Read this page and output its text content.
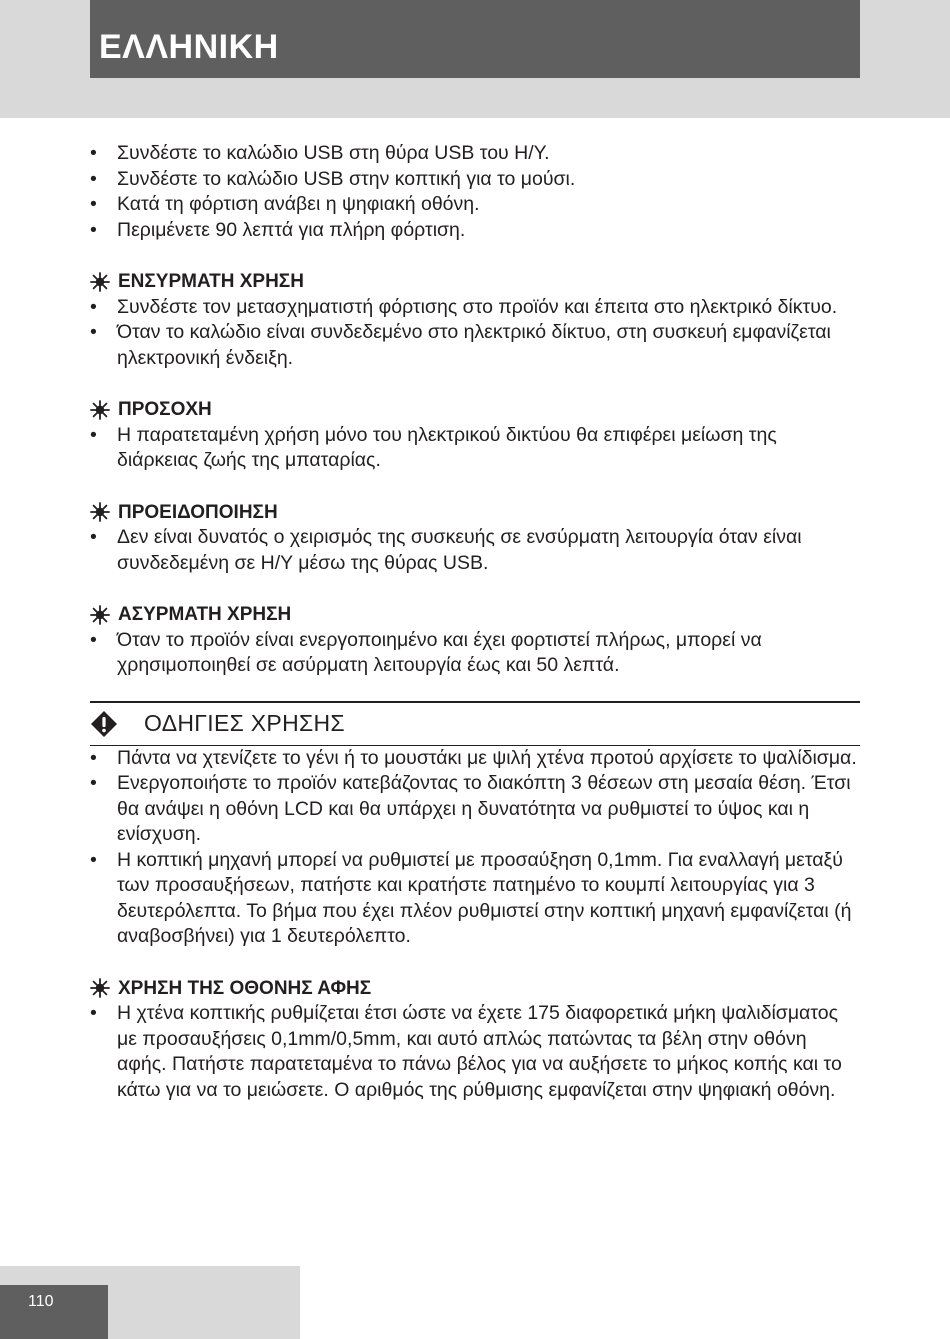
ΕΛΛΗΝΙΚΗ
• Συνδέστε το καλώδιο USB στη θύρα USB του Η/Υ.
• Συνδέστε το καλώδιο USB στην κοπτική για το μούσι.
• Κατά τη φόρτιση ανάβει η ψηφιακή οθόνη.
• Περιμένετε 90 λεπτά για πλήρη φόρτιση.
ΕΝΣΥΡΜΑΤΗ ΧΡΗΣΗ
• Συνδέστε τον μετασχηματιστή φόρτισης στο προϊόν και έπειτα στο ηλεκτρικό δίκτυο.
• Όταν το καλώδιο είναι συνδεδεμένο στο ηλεκτρικό δίκτυο, στη συσκευή εμφανίζεται ηλεκτρονική ένδειξη.
ΠΡΟΣΟΧΗ
• Η παρατεταμένη χρήση μόνο του ηλεκτρικού δικτύου θα επιφέρει μείωση της διάρκειας ζωής της μπαταρίας.
ΠΡΟΕΙΔΟΠΟΙΗΣΗ
• Δεν είναι δυνατός ο χειρισμός της συσκευής σε ενσύρματη λειτουργία όταν είναι συνδεδεμένη σε Η/Υ μέσω της θύρας USB.
ΑΣΥΡΜΑΤΗ ΧΡΗΣΗ
• Όταν το προϊόν είναι ενεργοποιημένο και έχει φορτιστεί πλήρως, μπορεί να χρησιμοποιηθεί σε ασύρματη λειτουργία έως και 50 λεπτά.
ΟΔΗΓΙΕΣ ΧΡΗΣΗΣ
• Πάντα να χτενίζετε το γένι ή το μουστάκι με ψιλή χτένα προτού αρχίσετε το ψαλίδισμα.
• Ενεργοποιήστε το προϊόν κατεβάζοντας το διακόπτη 3 θέσεων στη μεσαία θέση. Έτσι θα ανάψει η οθόνη LCD και θα υπάρχει η δυνατότητα να ρυθμιστεί το ύψος και η ενίσχυση.
• Η κοπτική μηχανή μπορεί να ρυθμιστεί με προσαύξηση 0,1mm. Για εναλλαγή μεταξύ των προσαυξήσεων, πατήστε και κρατήστε πατημένο το κουμπί λειτουργίας για 3 δευτερόλεπτα. Το βήμα που έχει πλέον ρυθμιστεί στην κοπτική μηχανή εμφανίζεται (ή αναβοσβήνει) για 1 δευτερόλεπτο.
ΧΡΗΣΗ ΤΗΣ ΟΘΟΝΗΣ ΑΦΗΣ
• Η χτένα κοπτικής ρυθμίζεται έτσι ώστε να έχετε 175 διαφορετικά μήκη ψαλιδίσματος με προσαυξήσεις 0,1mm/0,5mm, και αυτό απλώς πατώντας τα βέλη στην οθόνη αφής. Πατήστε παρατεταμένα το πάνω βέλος για να αυξήσετε το μήκος κοπής και το κάτω για να το μειώσετε. Ο αριθμός της ρύθμισης εμφανίζεται στην ψηφιακή οθόνη.
110
